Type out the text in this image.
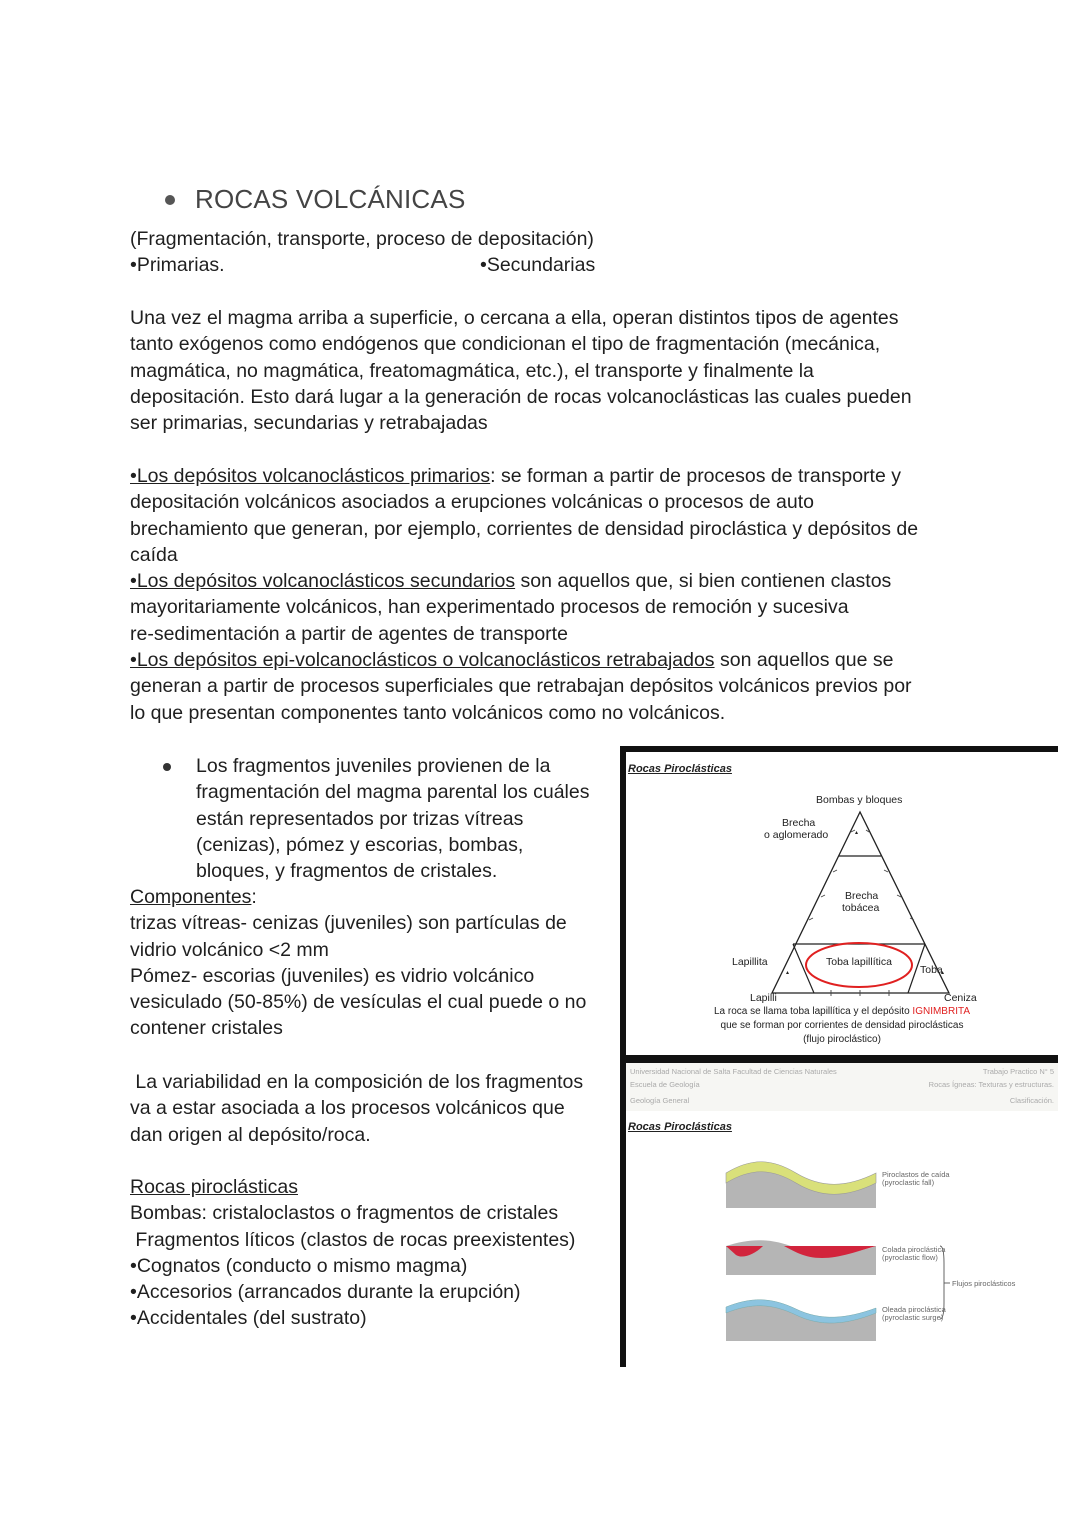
ROCAS VOLCÁNICAS
(Fragmentación, transporte, proceso de depositación)
•Primarias.	•Secundarias
Una vez el magma arriba a superficie, o cercana a ella, operan distintos tipos de agentes
tanto exógenos como endógenos que condicionan el tipo de fragmentación (mecánica,
magmática, no magmática, freatomagmática, etc.), el transporte y finalmente la
depositación. Esto dará lugar a la generación de rocas volcanoclásticas las cuales pueden
ser primarias, secundarias y retrabajadas
•Los depósitos volcanoclásticos primarios: se forman a partir de procesos de transporte y
depositación volcánicos asociados a erupciones volcánicas o procesos de auto
brechamiento que generan, por ejemplo, corrientes de densidad piroclástica y depósitos de
caída
•Los depósitos volcanoclásticos secundarios son aquellos que, si bien contienen clastos
mayoritariamente volcánicos, han experimentado procesos de remoción y sucesiva
re-sedimentación a partir de agentes de transporte
•Los depósitos epi-volcanoclásticos o volcanoclásticos retrabajados son aquellos que se
generan a partir de procesos superficiales que retrabajan depósitos volcánicos previos por
lo que presentan componentes tanto volcánicos como no volcánicos.
Los fragmentos juveniles provienen de la
fragmentación del magma parental los cuáles
están representados por trizas vítreas
(cenizas), pómez y escorias, bombas,
bloques, y fragmentos de cristales.
Componentes:
trizas vítreas- cenizas (juveniles) son partículas de
vidrio volcánico <2 mm
Pómez- escorias (juveniles) es vidrio volcánico
vesiculado (50-85%) de vesículas el cual puede o no
contener cristales
La variabilidad en la composición de los fragmentos
va a estar asociada a los procesos volcánicos que
dan origen al depósito/roca.
Rocas piroclásticas
Bombas: cristaloclastos o fragmentos de cristales
Fragmentos líticos (clastos de rocas preexistentes)
•Cognatos (conducto o mismo magma)
•Accesorios (arrancados durante la erupción)
•Accidentales (del sustrato)
Rocas Piroclásticas
Bombas y bloques
Brecha
o aglomerado
Brecha
tobácea
Lapillita	Toba lapillítica
Toba
Lapilli	Ceniza
La roca se llama toba lapillítica y el depósito IGNIMBRITA
que se forman por corrientes de densidad piroclásticas
(flujo piroclástico)
Universidad Nacional de Salta Facultad de Ciencias Naturales
Escuela de Geología
Geología General
Trabajo Practico N° 5
Rocas Ígneas: Texturas y estructuras.
Clasificación.
Rocas Piroclásticas
Piroclastos de caída
(pyroclastic fall)
Colada piroclástica
(pyroclastic flow)
Flujos piroclásticos
Oleada piroclástica
(pyroclastic surge)
